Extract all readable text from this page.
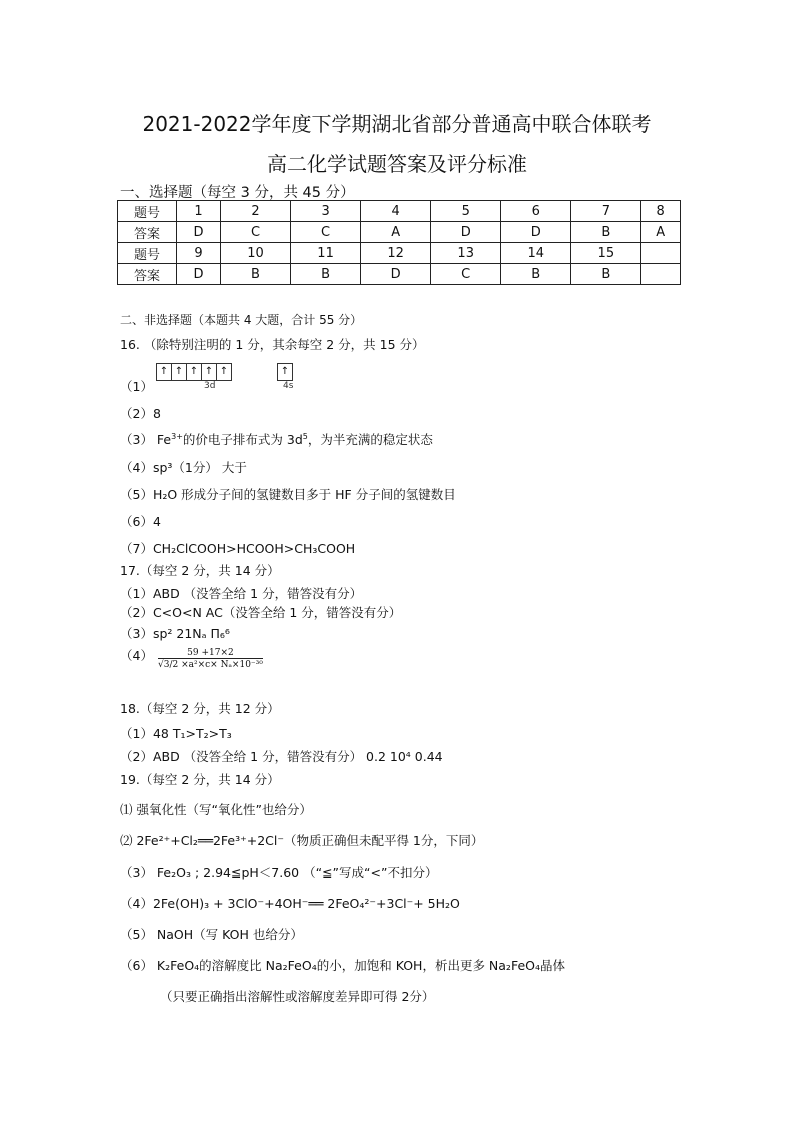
2021-2022学年度下学期湖北省部分普通高中联合体联考
高二化学试题答案及评分标准
一、选择题（每空 3 分，共 45 分）
题号	1	2	3	4	5	6	7	8
答案	D	C	C	A	D	D	B	A
题号	9	10	11	12	13	14	15	
答案	D	B	B	D	C	B	B	
二、非选择题（本题共 4 大题，合计 55 分）
16. （除特别注明的 1 分，其余每空 2 分，共 15 分）
（1）
↑ ↑ ↑ ↑ ↑
3d
↑
4s
（2）8
（3） $Fe^{3+}$的价电子排布式为 $3d^5$，为半充满的稳定状态
（4）sp³（1分） 大于
（5）H₂O 形成分子间的氢键数目多于 HF 分子间的氢键数目
（6）4
（7）CH₂ClCOOH>HCOOH>CH₃COOH
17.（每空 2 分，共 14 分）
（1）ABD （没答全给 1 分，错答没有分）
（2）C<O<N AC（没答全给 1 分，错答没有分）
（3）sp² 21Nₐ Π₆⁶
$(4) \frac{59 +17\times 2}{\text{√3/2 ×a²×c× Nₐ×10⁻³⁰}}$
18.（每空 2 分，共 12 分）
（1）48 T₁>T₂>T₃
（2）ABD （没答全给 1 分，错答没有分） 0.2 10⁴ 0.44
19.（每空 2 分，共 14 分）
⑴ 强氧化性（写“氧化性”也给分）
⑵ 2Fe²⁺+Cl₂══2Fe³⁺+2Cl⁻（物质正确但未配平得 1分，下同）
（3） Fe₂O₃ ; 2.94≦pH＜7.60 （“≦”写成“<”不扣分）
（4）2Fe(OH)₃ + 3ClO⁻+4OH⁻══ 2FeO₄²⁻+3Cl⁻+ 5H₂O
（5） NaOH（写 KOH 也给分）
（6） K₂FeO₄的溶解度比 Na₂FeO₄的小，加饱和 KOH，析出更多 Na₂FeO₄晶体
（只要正确指出溶解性或溶解度差异即可得 2分）
